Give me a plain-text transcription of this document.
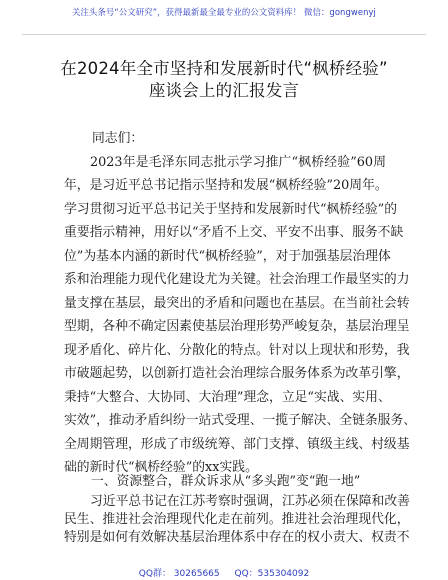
关注头条号“公文研究”，获得最新最全最专业的公文资料库！ 微信：gongwenyj
在2024年全市坚持和发展新时代“枫桥经验”
座谈会上的汇报发言
同志们：
2023年是毛泽东同志批示学习推广“枫桥经验”60周
年，是习近平总书记指示坚持和发展“枫桥经验”20周年。
学习贯彻习近平总书记关于坚持和发展新时代“枫桥经验”的
重要指示精神，用好以“矛盾不上交、平安不出事、服务不缺
位”为基本内涵的新时代“枫桥经验”，对于加强基层治理体
系和治理能力现代化建设尤为关键。社会治理工作最坚实的力
量支撑在基层，最突出的矛盾和问题也在基层。在当前社会转
型期，各种不确定因素使基层治理形势严峻复杂，基层治理呈
现矛盾化、碎片化、分散化的特点。针对以上现状和形势，我
市破题起势，以创新打造社会治理综合服务体系为改革引擎，
秉持“大整合、大协同、大治理”理念，立足“实战、实用、
实效”，推动矛盾纠纷一站式受理、一揽子解决、全链条服务、
全周期管理，形成了市级统筹、部门支撑、镇级主线、村级基
础的新时代“枫桥经验”的xx实践。
一、资源整合，群众诉求从“多头跑”变“跑一地”
习近平总书记在江苏考察时强调，江苏必须在保障和改善
民生、推进社会治理现代化走在前列。推进社会治理现代化，
特别是如何有效解决基层治理体系中存在的权小责大、权责不
QQ群： 30265665 QQ：535304092
